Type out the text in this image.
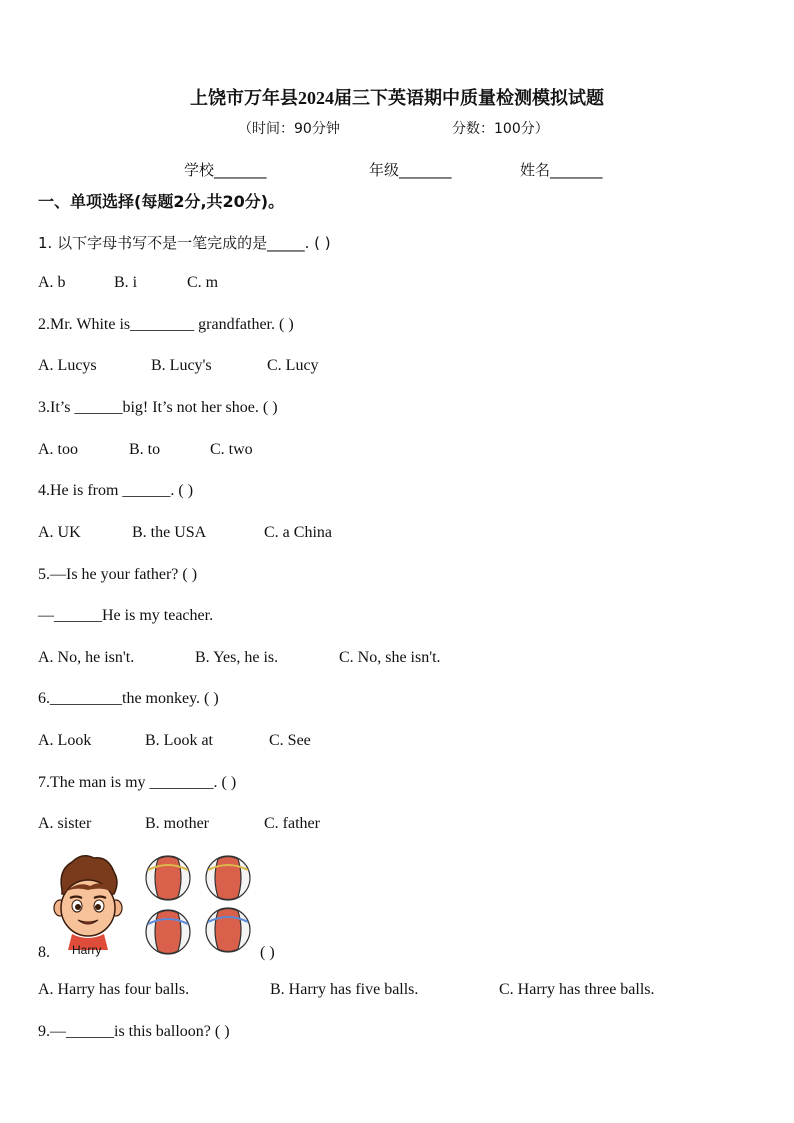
上饶市万年县2024届三下英语期中质量检测模拟试题
（时间：90分钟	分数：100分）
学校_______	年级_______	姓名_______
一、单项选择(每题2分,共20分)。
1. 以下字母书写不是一笔完成的是_____. ( )
A. b	B. i	C. m
2.Mr. White is________ grandfather. ( )
A. Lucys	B. Lucy's	C. Lucy
3.It’s ______big! It’s not her shoe. ( )
A. too	B. to	C. two
4.He is from ______. ( )
A. UK	B. the USA	C. a China
5.—Is he your father? ( )
—______He is my teacher.
A. No, he isn't.	B. Yes, he is.	C. No, she isn't.
6._________the monkey. ( )
A. Look	B. Look at	C. See
7.The man is my ________. ( )
A. sister	B. mother	C. father
Harry
8.	( )
A. Harry has four balls.	B. Harry has five balls.	C. Harry has three balls.
9.—______is this balloon? ( )
